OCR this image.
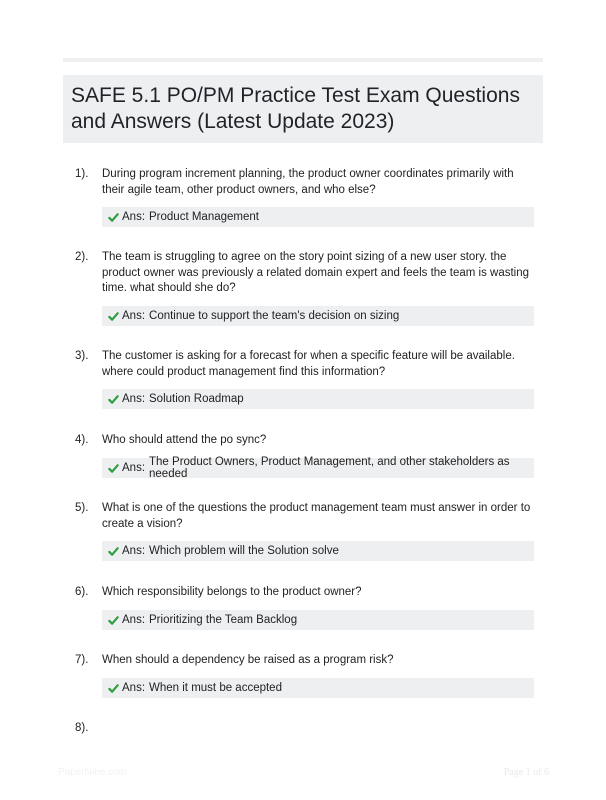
SAFE 5.1 PO/PM Practice Test Exam Questions and Answers (Latest Update 2023)
1). During program increment planning, the product owner coordinates primarily with their agile team, other product owners, and who else?
Ans: Product Management
2). The team is struggling to agree on the story point sizing of a new user story. the product owner was previously a related domain expert and feels the team is wasting time. what should she do?
Ans: Continue to support the team's decision on sizing
3). The customer is asking for a forecast for when a specific feature will be available. where could product management find this information?
Ans: Solution Roadmap
4). Who should attend the po sync?
Ans: The Product Owners, Product Management, and other stakeholders as needed
5). What is one of the questions the product management team must answer in order to create a vision?
Ans: Which problem will the Solution solve
6). Which responsibility belongs to the product owner?
Ans: Prioritizing the Team Backlog
7). When should a dependency be raised as a program risk?
Ans: When it must be accepted
8).
PaperNibe.com	Page 1 of 6
